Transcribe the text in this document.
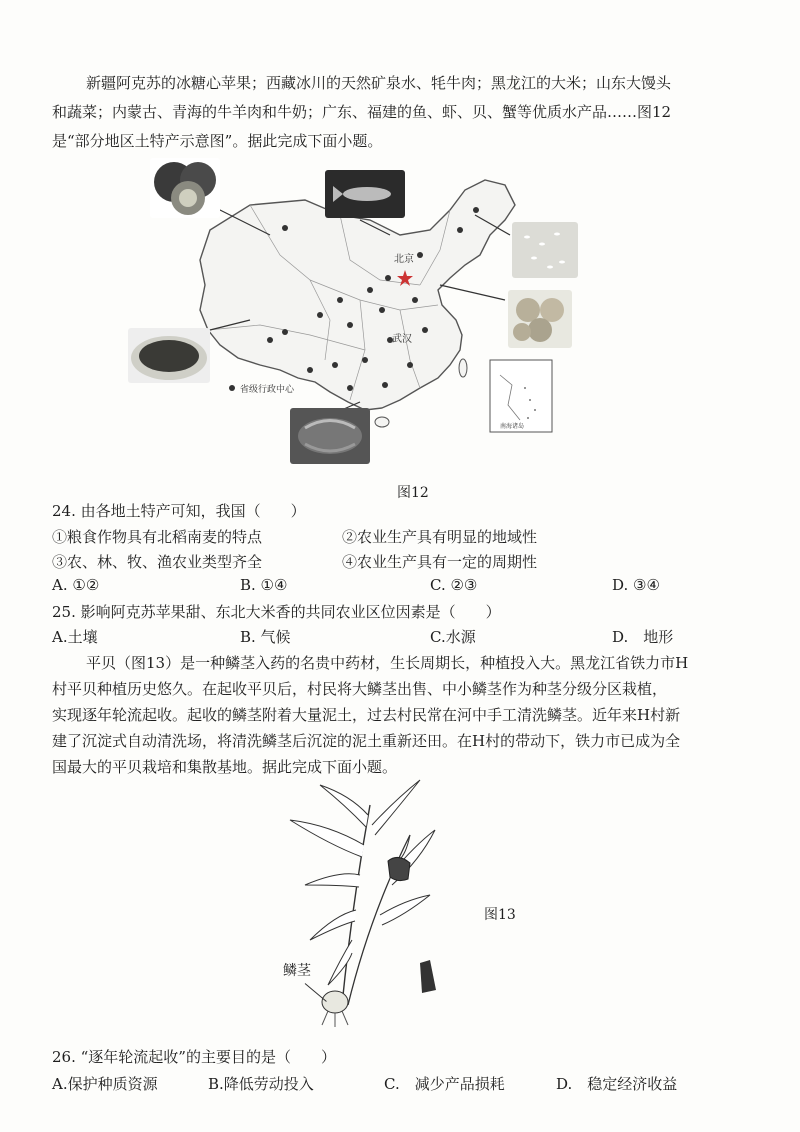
新疆阿克苏的冰糖心苹果；西藏冰川的天然矿泉水、牦牛肉；黑龙江的大米；山东大馒头
和蔬菜；内蒙古、青海的牛羊肉和牛奶；广东、福建的鱼、虾、贝、蟹等优质水产品……图12
是“部分地区土特产示意图”。据此完成下面小题。
北京
武汉
省级行政中心
南海诸岛
图12
24. 由各地土特产可知，我国（　　）
①粮食作物具有北稻南麦的特点	②农业生产具有明显的地域性
③农、林、牧、渔农业类型齐全	④农业生产具有一定的周期性
A. ①②	B. ①④	C. ②③	D. ③④
25. 影响阿克苏苹果甜、东北大米香的共同农业区位因素是（　　）
A.土壤	B. 气候	C.水源	D.　地形
平贝（图13）是一种鳞茎入药的名贵中药材，生长周期长，种植投入大。黑龙江省铁力市H
村平贝种植历史悠久。在起收平贝后，村民将大鳞茎出售、中小鳞茎作为种茎分级分区栽植，
实现逐年轮流起收。起收的鳞茎附着大量泥土，过去村民常在河中手工清洗鳞茎。近年来H村新
建了沉淀式自动清洗场，将清洗鳞茎后沉淀的泥土重新还田。在H村的带动下，铁力市已成为全
国最大的平贝栽培和集散基地。据此完成下面小题。
鳞茎
图13
26. “逐年轮流起收”的主要目的是（　　）
A.保护种质资源	B.降低劳动投入	C.　减少产品损耗	D.　稳定经济收益
